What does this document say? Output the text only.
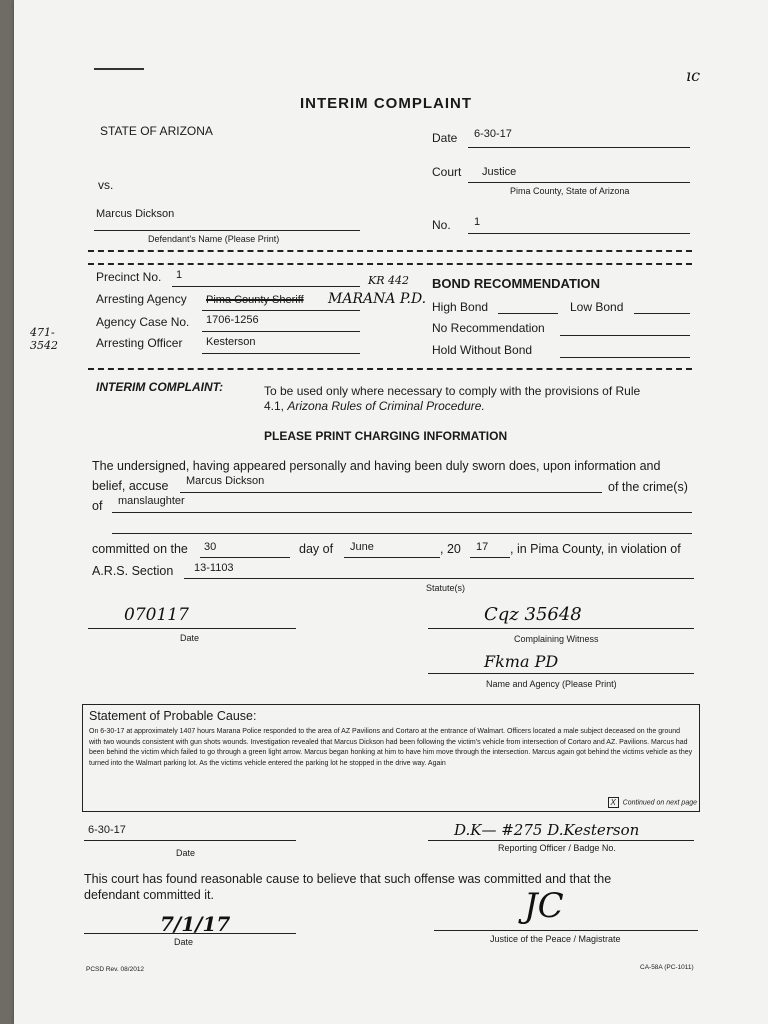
ıc
INTERIM COMPLAINT
STATE OF ARIZONA
vs.
Marcus Dickson
Defendant's Name (Please Print)
Date 6-30-17
Court Justice
Pima County, State of Arizona
No. 1
Precinct No. 1	KR 442
Arresting Agency Pima County Sheriff MARANA P.D.
Agency Case No. 1706-1256
Arresting Officer Kesterson
471- 3542
BOND RECOMMENDATION
High Bond	Low Bond
No Recommendation
Hold Without Bond
INTERIM COMPLAINT:	To be used only where necessary to comply with the provisions of Rule
4.1, Arizona Rules of Criminal Procedure.
PLEASE PRINT CHARGING INFORMATION
The undersigned, having appeared personally and having been duly sworn does, upon information and
belief, accuse Marcus Dickson	of the crime(s)
of manslaughter
committed on the 30	day of June	, 20 17 , in Pima County, in violation of
A.R.S. Section 13-1103
Statute(s)
070117
Date
Cqz 35648
Complaining Witness
Fkma PD
Name and Agency (Please Print)
Statement of Probable Cause:
On 6-30-17 at approximately 1407 hours Marana Police responded to the area of AZ Pavilions and Cortaro at the entrance of Walmart. Officers located a male subject deceased on the ground with two wounds consistent with gun shots wounds. Investigation revealed that Marcus Dickson had been following the victim's vehicle from intersection of Cortaro and AZ. Pavilions. Marcus had been behind the victim which failed to go through a green light arrow. Marcus began honking at him to have him move through the intersection. Marcus again got behind the victims vehicle as they turned into the Walmart parking lot. As the victims vehicle entered the parking lot he stopped in the drive way. Again
X Continued on next page
6-30-17
Date
D.K— #275 D.Kesterson
Reporting Officer / Badge No.
This court has found reasonable cause to believe that such offense was committed and that the
defendant committed it.
7/1/17
Date
JC
Justice of the Peace / Magistrate
PCSD Rev. 08/2012	CA-58A (PC-1011)
